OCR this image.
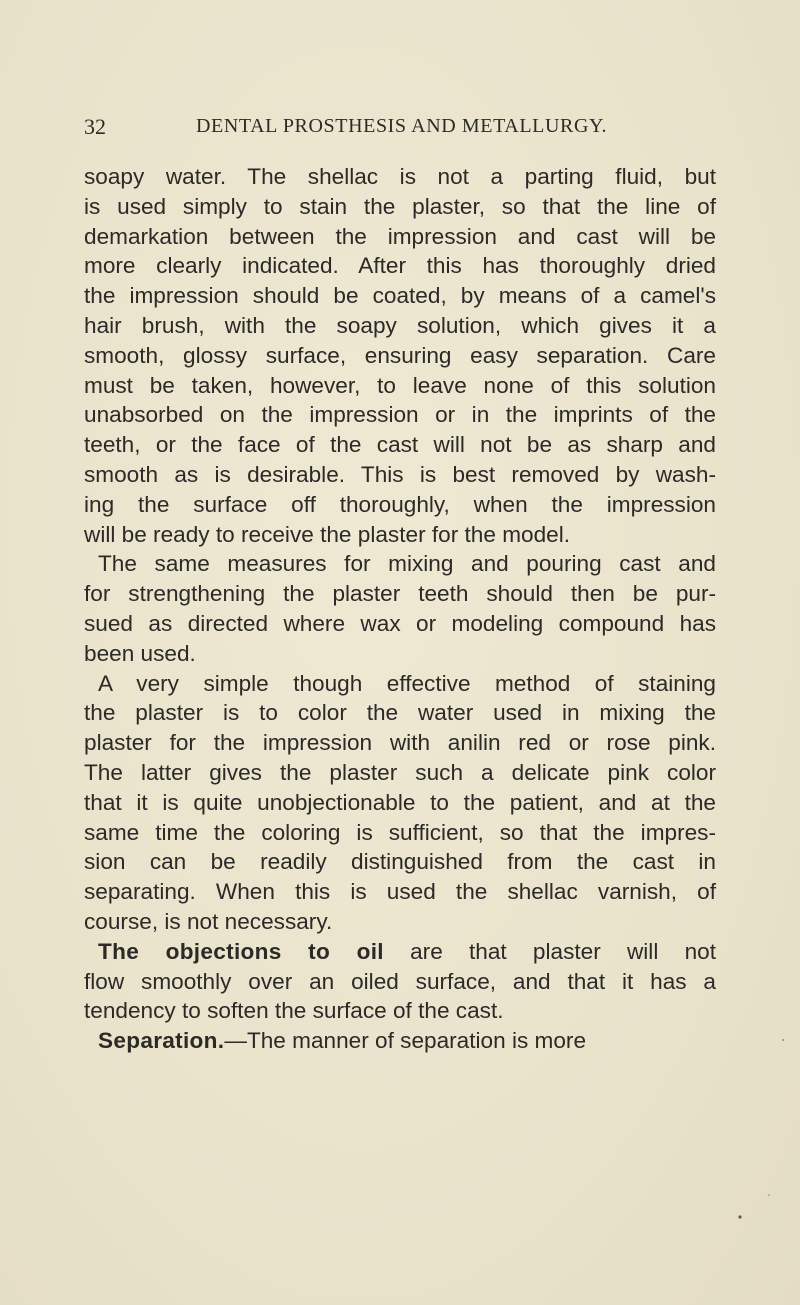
32	DENTAL PROSTHESIS AND METALLURGY.
soapy water. The shellac is not a parting fluid, but
is used simply to stain the plaster, so that the line of
demarkation between the impression and cast will be
more clearly indicated. After this has thoroughly dried
the impression should be coated, by means of a camel's
hair brush, with the soapy solution, which gives it a
smooth, glossy surface, ensuring easy separation. Care
must be taken, however, to leave none of this solution
unabsorbed on the impression or in the imprints of the
teeth, or the face of the cast will not be as sharp and
smooth as is desirable. This is best removed by wash-
ing the surface off thoroughly, when the impression
will be ready to receive the plaster for the model.
The same measures for mixing and pouring cast and
for strengthening the plaster teeth should then be pur-
sued as directed where wax or modeling compound has
been used.
A very simple though effective method of staining
the plaster is to color the water used in mixing the
plaster for the impression with anilin red or rose pink.
The latter gives the plaster such a delicate pink color
that it is quite unobjectionable to the patient, and at the
same time the coloring is sufficient, so that the impres-
sion can be readily distinguished from the cast in
separating. When this is used the shellac varnish, of
course, is not necessary.
The objections to oil are that plaster will not
flow smoothly over an oiled surface, and that it has a
tendency to soften the surface of the cast.
Separation.—The manner of separation is more
